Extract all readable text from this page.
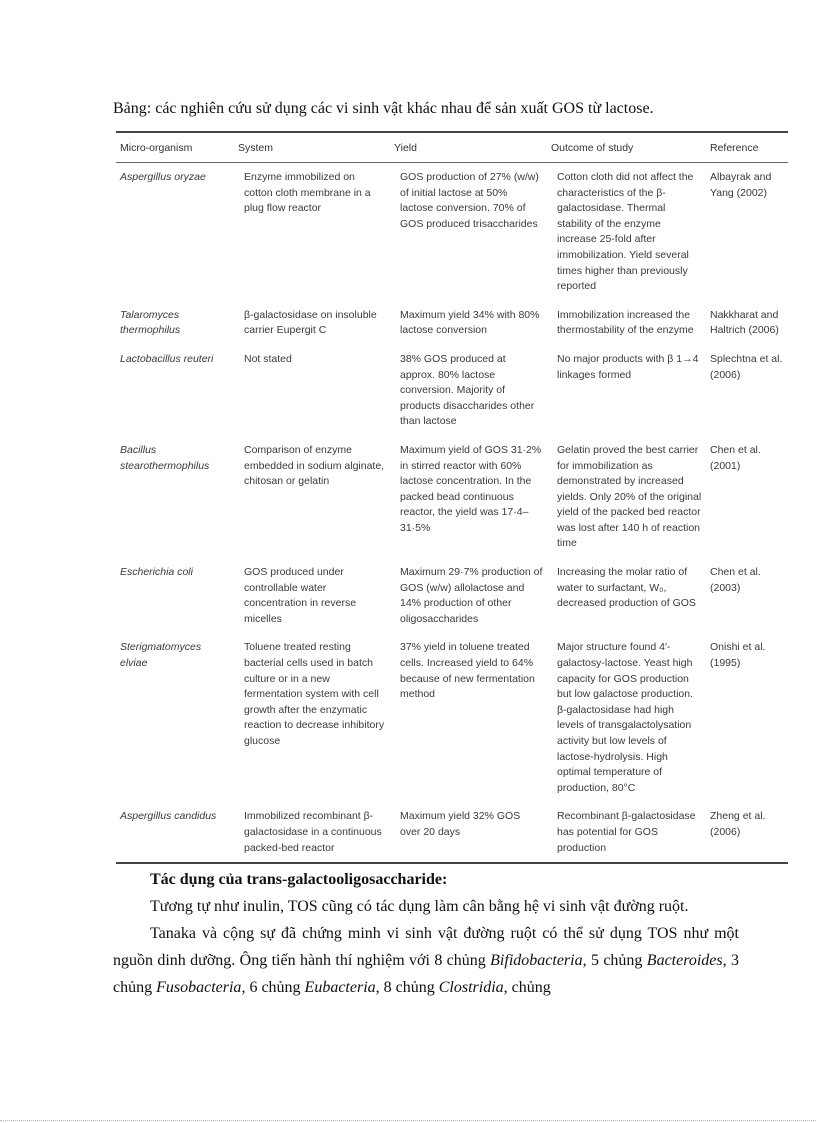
Bảng: các nghiên cứu sử dụng các vi sinh vật khác nhau để sản xuất GOS từ lactose.
Micro-organism	System	Yield	Outcome of study	Reference
Aspergillus oryzae	Enzyme immobilized on cotton cloth membrane in a plug flow reactor	GOS production of 27% (w/w) of initial lactose at 50% lactose conversion. 70% of GOS produced trisaccharides	Cotton cloth did not affect the characteristics of the β-galactosidase. Thermal stability of the enzyme increase 25-fold after immobilization. Yield several times higher than previously reported	Albayrak and Yang (2002)
Talaromyces thermophilus	β-galactosidase on insoluble carrier Eupergit C	Maximum yield 34% with 80% lactose conversion	Immobilization increased the thermostability of the enzyme	Nakkharat and Haltrich (2006)
Lactobacillus reuteri	Not stated	38% GOS produced at approx. 80% lactose conversion. Majority of products disaccharides other than lactose	No major products with β 1→4 linkages formed	Splechtna et al. (2006)
Bacillus stearothermophilus	Comparison of enzyme embedded in sodium alginate, chitosan or gelatin	Maximum yield of GOS 31·2% in stirred reactor with 60% lactose concentration. In the packed bead continuous reactor, the yield was 17·4–31·5%	Gelatin proved the best carrier for immobilization as demonstrated by increased yields. Only 20% of the original yield of the packed bed reactor was lost after 140 h of reaction time	Chen et al. (2001)
Escherichia coli	GOS produced under controllable water concentration in reverse micelles	Maximum 29·7% production of GOS (w/w) allolactose and 14% production of other oligosaccharides	Increasing the molar ratio of water to surfactant, W₀, decreased production of GOS	Chen et al. (2003)
Sterigmatomyces elviae	Toluene treated resting bacterial cells used in batch culture or in a new fermentation system with cell growth after the enzymatic reaction to decrease inhibitory glucose	37% yield in toluene treated cells. Increased yield to 64% because of new fermentation method	Major structure found 4′-galactosy-lactose. Yeast high capacity for GOS production but low galactose production. β-galactosidase had high levels of transgalactolysation activity but low levels of lactose-hydrolysis. High optimal temperature of production, 80°C	Onishi et al. (1995)
Aspergillus candidus	Immobilized recombinant β-galactosidase in a continuous packed-bed reactor	Maximum yield 32% GOS over 20 days	Recombinant β-galactosidase has potential for GOS production	Zheng et al. (2006)
Tác dụng của trans-galactooligosaccharide:

Tương tự như inulin, TOS cũng có tác dụng làm cân bằng hệ vi sinh vật đường ruột.

Tanaka và cộng sự đã chứng minh vi sinh vật đường ruột có thể sử dụng TOS như một nguồn dinh dưỡng. Ông tiến hành thí nghiệm với 8 chủng Bifidobacteria, 5 chủng Bacteroides, 3 chủng Fusobacteria, 6 chủng Eubacteria, 8 chủng Clostridia, chủng
